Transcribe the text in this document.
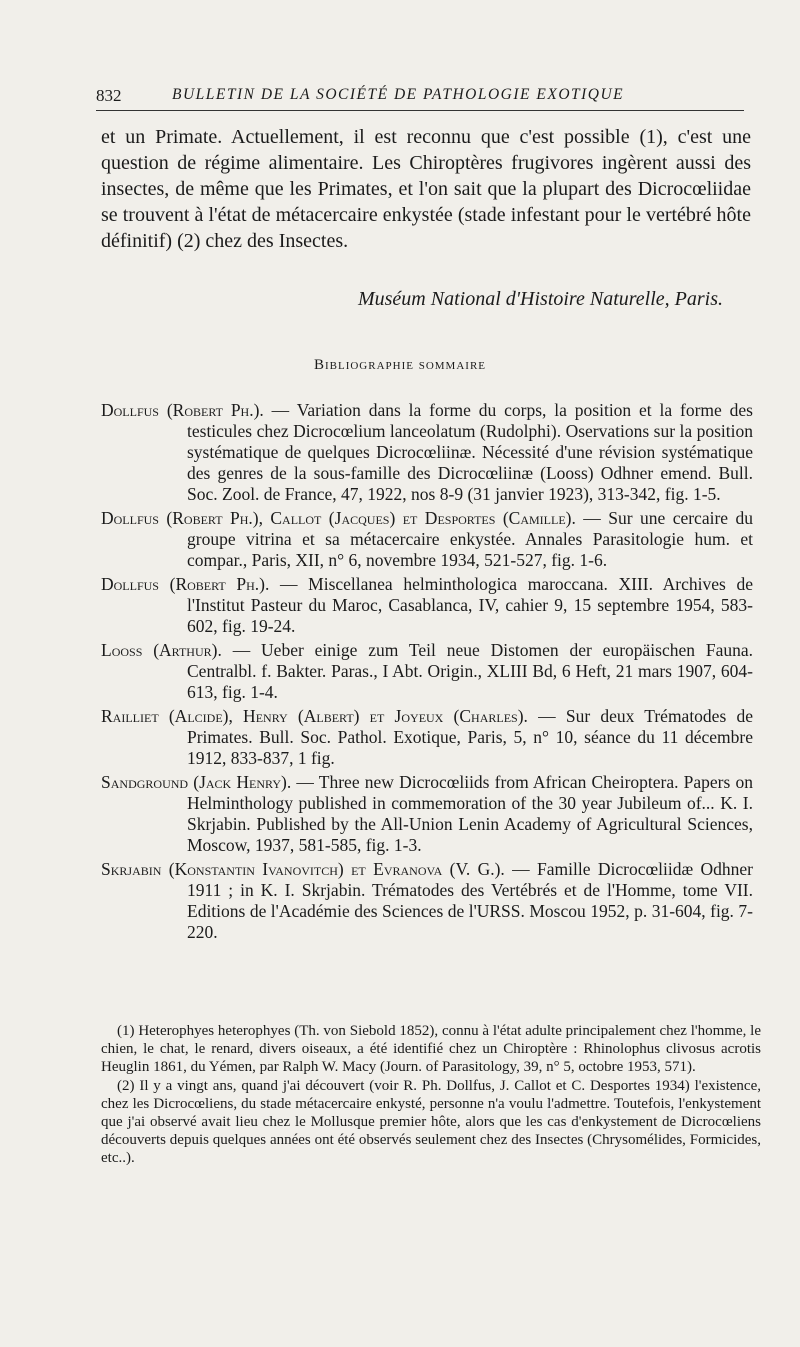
832	BULLETIN DE LA SOCIÉTÉ DE PATHOLOGIE EXOTIQUE

et un Primate. Actuellement, il est reconnu que c'est possible (1), c'est une question de régime alimentaire. Les Chiroptères frugivores ingèrent aussi des insectes, de même que les Primates, et l'on sait que la plupart des Dicrocœliidae se trouvent à l'état de métacercaire enkystée (stade infestant pour le vertébré hôte définitif) (2) chez des Insectes.

Muséum National d'Histoire Naturelle, Paris.
Bibliographie sommaire

Dollfus (Robert Ph.). — Variation dans la forme du corps, la position et la forme des testicules chez Dicrocœlium lanceolatum (Rudolphi). Oservations sur la position systématique de quelques Dicrocœliinæ. Nécessité d'une révision systématique des genres de la sous-famille des Dicrocœliinæ (Looss) Odhner emend. Bull. Soc. Zool. de France, 47, 1922, nos 8-9 (31 janvier 1923), 313-342, fig. 1-5.

Dollfus (Robert Ph.), Callot (Jacques) et Desportes (Camille). — Sur une cercaire du groupe vitrina et sa métacercaire enkystée. Annales Parasitologie hum. et compar., Paris, XII, n° 6, novembre 1934, 521-527, fig. 1-6.

Dollfus (Robert Ph.). — Miscellanea helminthologica maroccana. XIII. Archives de l'Institut Pasteur du Maroc, Casablanca, IV, cahier 9, 15 septembre 1954, 583-602, fig. 19-24.

Looss (Arthur). — Ueber einige zum Teil neue Distomen der europäischen Fauna. Centralbl. f. Bakter. Paras., I Abt. Origin., XLIII Bd, 6 Heft, 21 mars 1907, 604-613, fig. 1-4.

Railliet (Alcide), Henry (Albert) et Joyeux (Charles). — Sur deux Trématodes de Primates. Bull. Soc. Pathol. Exotique, Paris, 5, n° 10, séance du 11 décembre 1912, 833-837, 1 fig.

Sandground (Jack Henry). — Three new Dicrocœliids from African Cheiroptera. Papers on Helminthology published in commemoration of the 30 year Jubileum of... K. I. Skrjabin. Published by the All-Union Lenin Academy of Agricultural Sciences, Moscow, 1937, 581-585, fig. 1-3.

Skrjabin (Konstantin Ivanovitch) et Evranova (V. G.). — Famille Dicrocœliidæ Odhner 1911 ; in K. I. Skrjabin. Trématodes des Vertébrés et de l'Homme, tome VII. Editions de l'Académie des Sciences de l'URSS. Moscou 1952, p. 31-604, fig. 7-220.

(1) Heterophyes heterophyes (Th. von Siebold 1852), connu à l'état adulte principalement chez l'homme, le chien, le chat, le renard, divers oiseaux, a été identifié chez un Chiroptère : Rhinolophus clivosus acrotis Heuglin 1861, du Yémen, par Ralph W. Macy (Journ. of Parasitology, 39, n° 5, octobre 1953, 571).

(2) Il y a vingt ans, quand j'ai découvert (voir R. Ph. Dollfus, J. Callot et C. Desportes 1934) l'existence, chez les Dicrocœliens, du stade métacercaire enkysté, personne n'a voulu l'admettre. Toutefois, l'enkystement que j'ai observé avait lieu chez le Mollusque premier hôte, alors que les cas d'enkystement de Dicrocœliens découverts depuis quelques années ont été observés seulement chez des Insectes (Chrysomélides, Formicides, etc..).
